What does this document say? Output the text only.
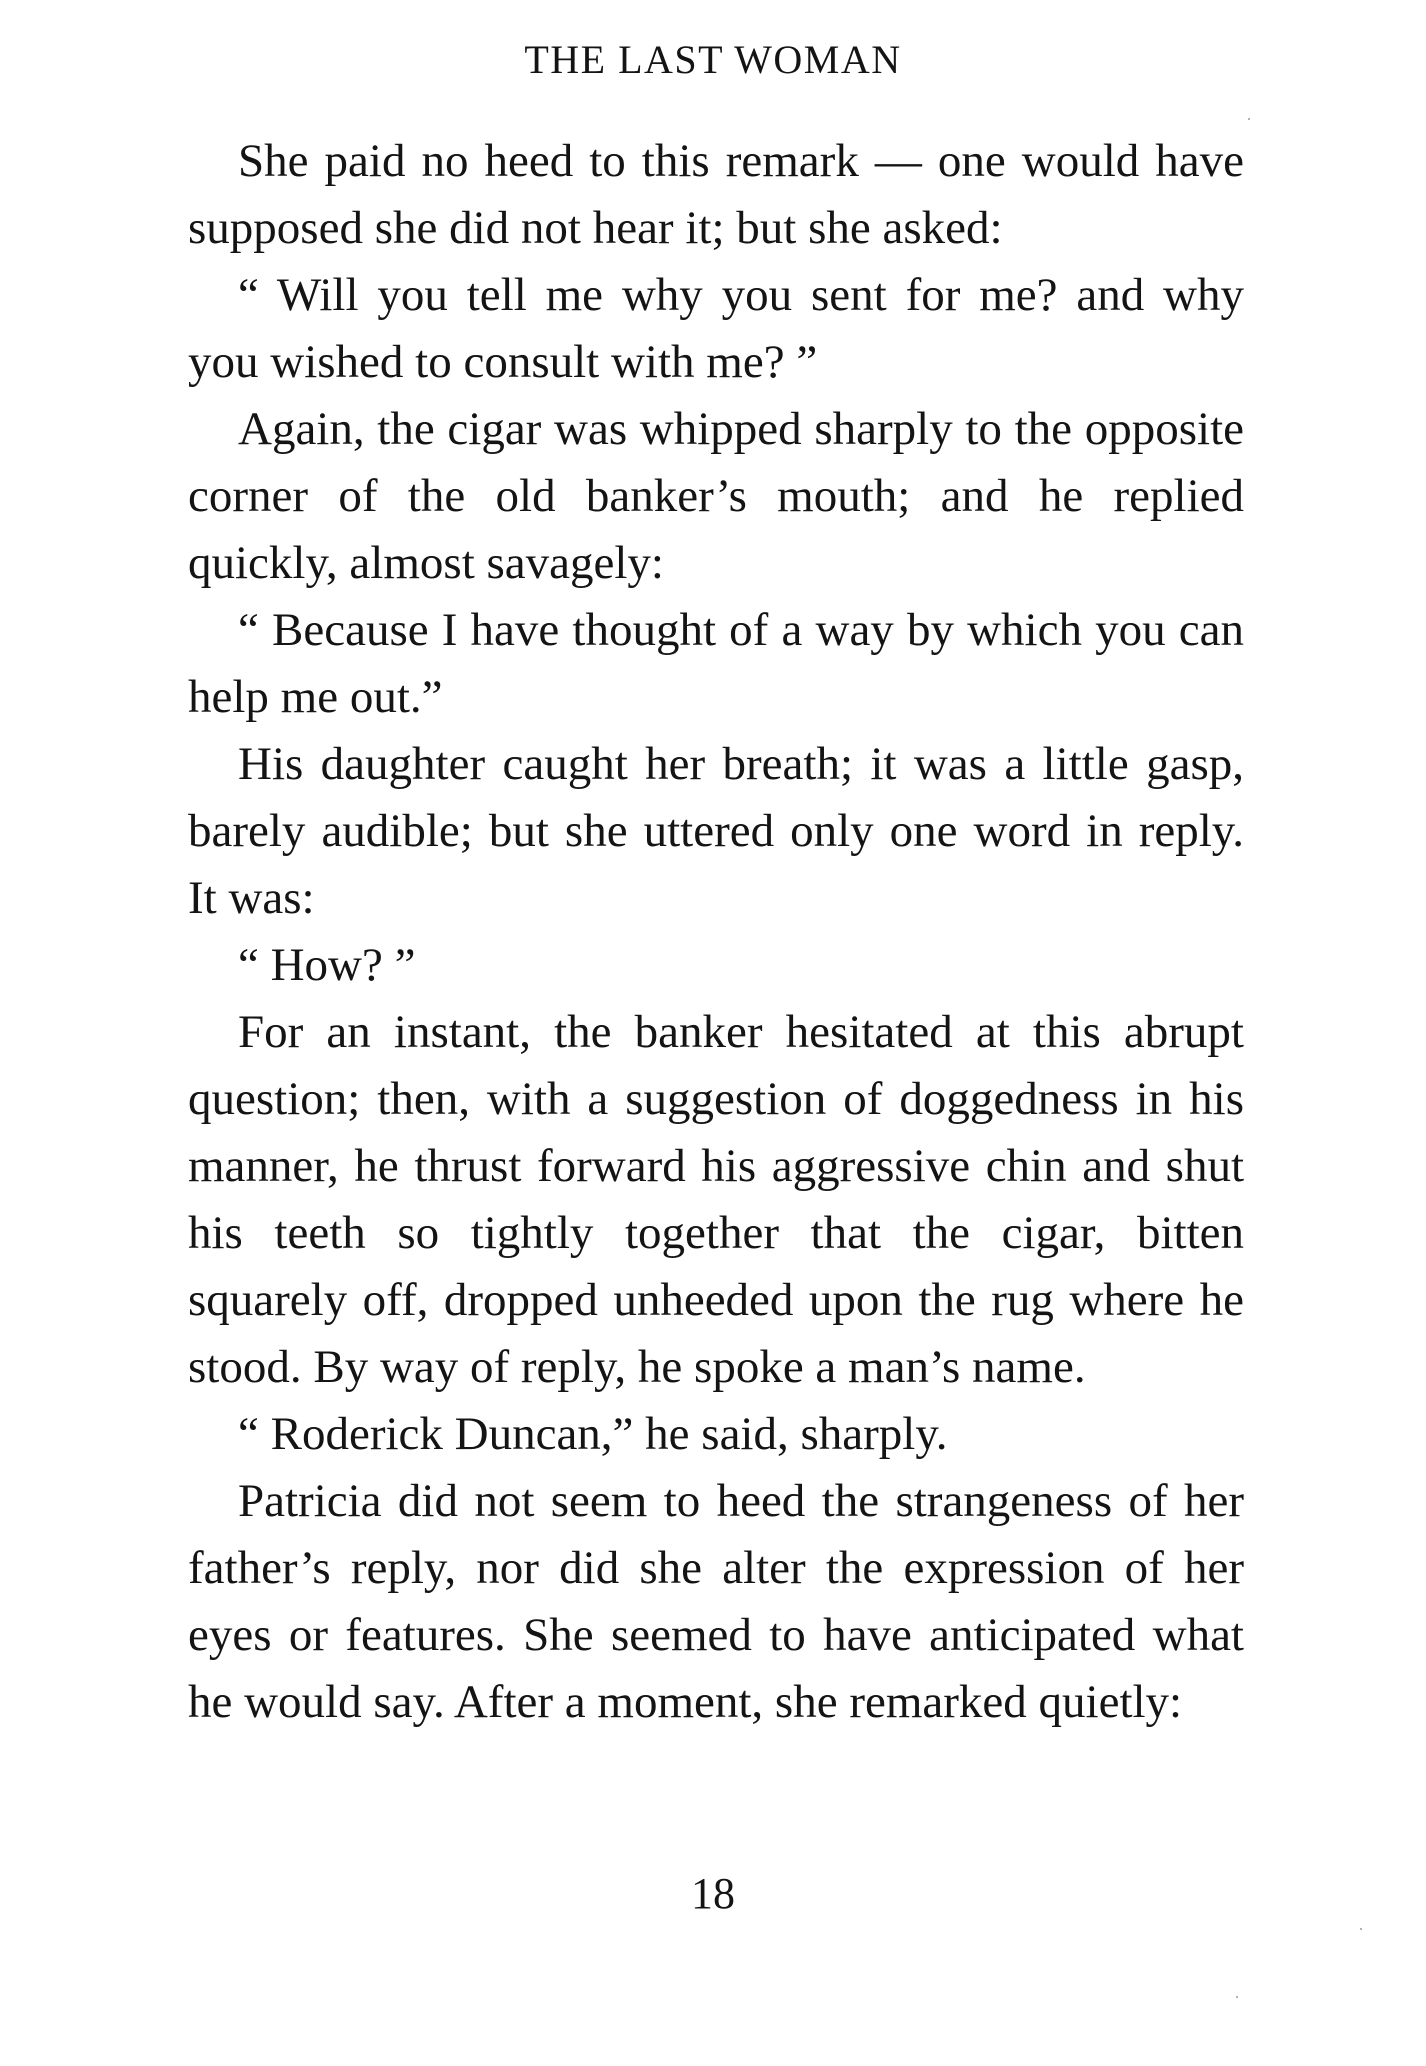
THE LAST WOMAN

She paid no heed to this remark — one would have supposed she did not hear it; but she asked:

“ Will you tell me why you sent for me? and why you wished to consult with me? ”

Again, the cigar was whipped sharply to the opposite corner of the old banker’s mouth; and he replied quickly, almost savagely:

“ Because I have thought of a way by which you can help me out.”

His daughter caught her breath; it was a little gasp, barely audible; but she uttered only one word in reply. It was:

“ How? ”

For an instant, the banker hesitated at this abrupt question; then, with a suggestion of doggedness in his manner, he thrust forward his aggressive chin and shut his teeth so tightly together that the cigar, bitten squarely off, dropped unheeded upon the rug where he stood. By way of reply, he spoke a man’s name.

“ Roderick Duncan,” he said, sharply.

Patricia did not seem to heed the strangeness of her father’s reply, nor did she alter the expression of her eyes or features. She seemed to have anticipated what he would say. After a moment, she remarked quietly:

18
